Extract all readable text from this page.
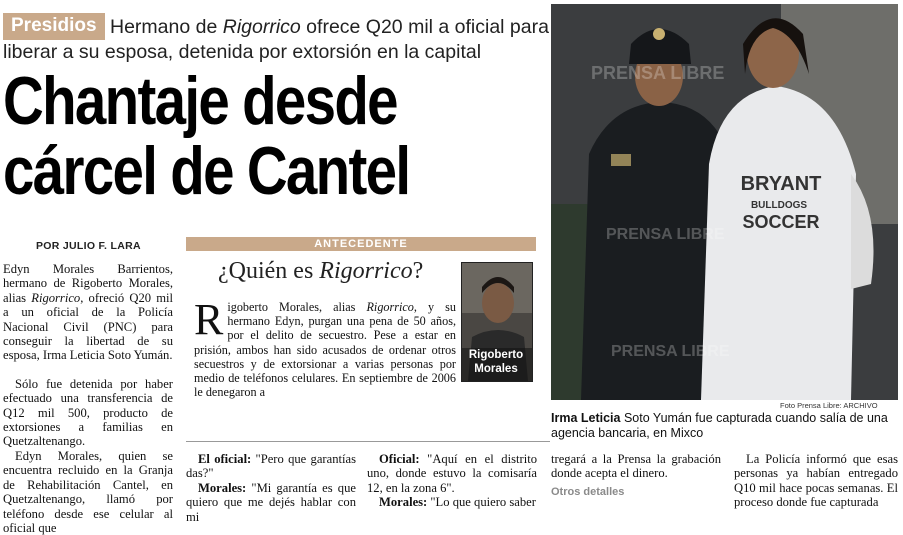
Presidios Hermano de Rigorrico ofrece Q20 mil a oficial para
liberar a su esposa, detenida por extorsión en la capital
Chantaje desde
cárcel de Cantel
POR JULIO F. LARA

Edyn Morales Barrientos, hermano de Rigoberto Morales, alias Rigorrico, ofreció Q20 mil a un oficial de la Policía Nacional Civil (PNC) para conseguir la libertad de su esposa, Irma Leticia Soto Yumán.

Sólo fue detenida por haber efectuado una transferencia de Q12 mil 500, producto de extorsiones a familias en Quetzaltenango.

Edyn Morales, quien se encuentra recluido en la Granja de Rehabilitación Cantel, en Quetzaltenango, llamó por teléfono desde ese celular al oficial que

ANTECEDENTE
¿Quién es Rigorrico?
Rigoberto Morales, alias Rigorrico, y su hermano Edyn, purgan una pena de 50 años, por el delito de secuestro. Pese a estar en prisión, ambos han sido acusados de ordenar otros secuestros y de extorsionar a varias personas por medio de teléfonos celulares. En septiembre de 2006 le denegaron a
Rigoberto
Morales

El oficial: "Pero que garantías das?"

Morales: "Mi garantía es que quiero que me dejés hablar con mi

Oficial: "Aquí en el distrito uno, donde estuvo la comisaría 12, en la zona 6".

Morales: "Lo que quiero saber

BRYANT
BULLDOGS
SOCCER
PRENSA LIBRE
PRENSA LIBRE
PRENSA LIBRE
Foto Prensa Libre: ARCHIVO
Irma Leticia Soto Yumán fue capturada cuando salía de una agencia bancaria, en Mixco

tregará a la Prensa la grabación donde acepta el dinero.

Otros detalles

La Policía informó que esas personas ya habían entregado Q10 mil hace pocas semanas. El proceso donde fue capturada
